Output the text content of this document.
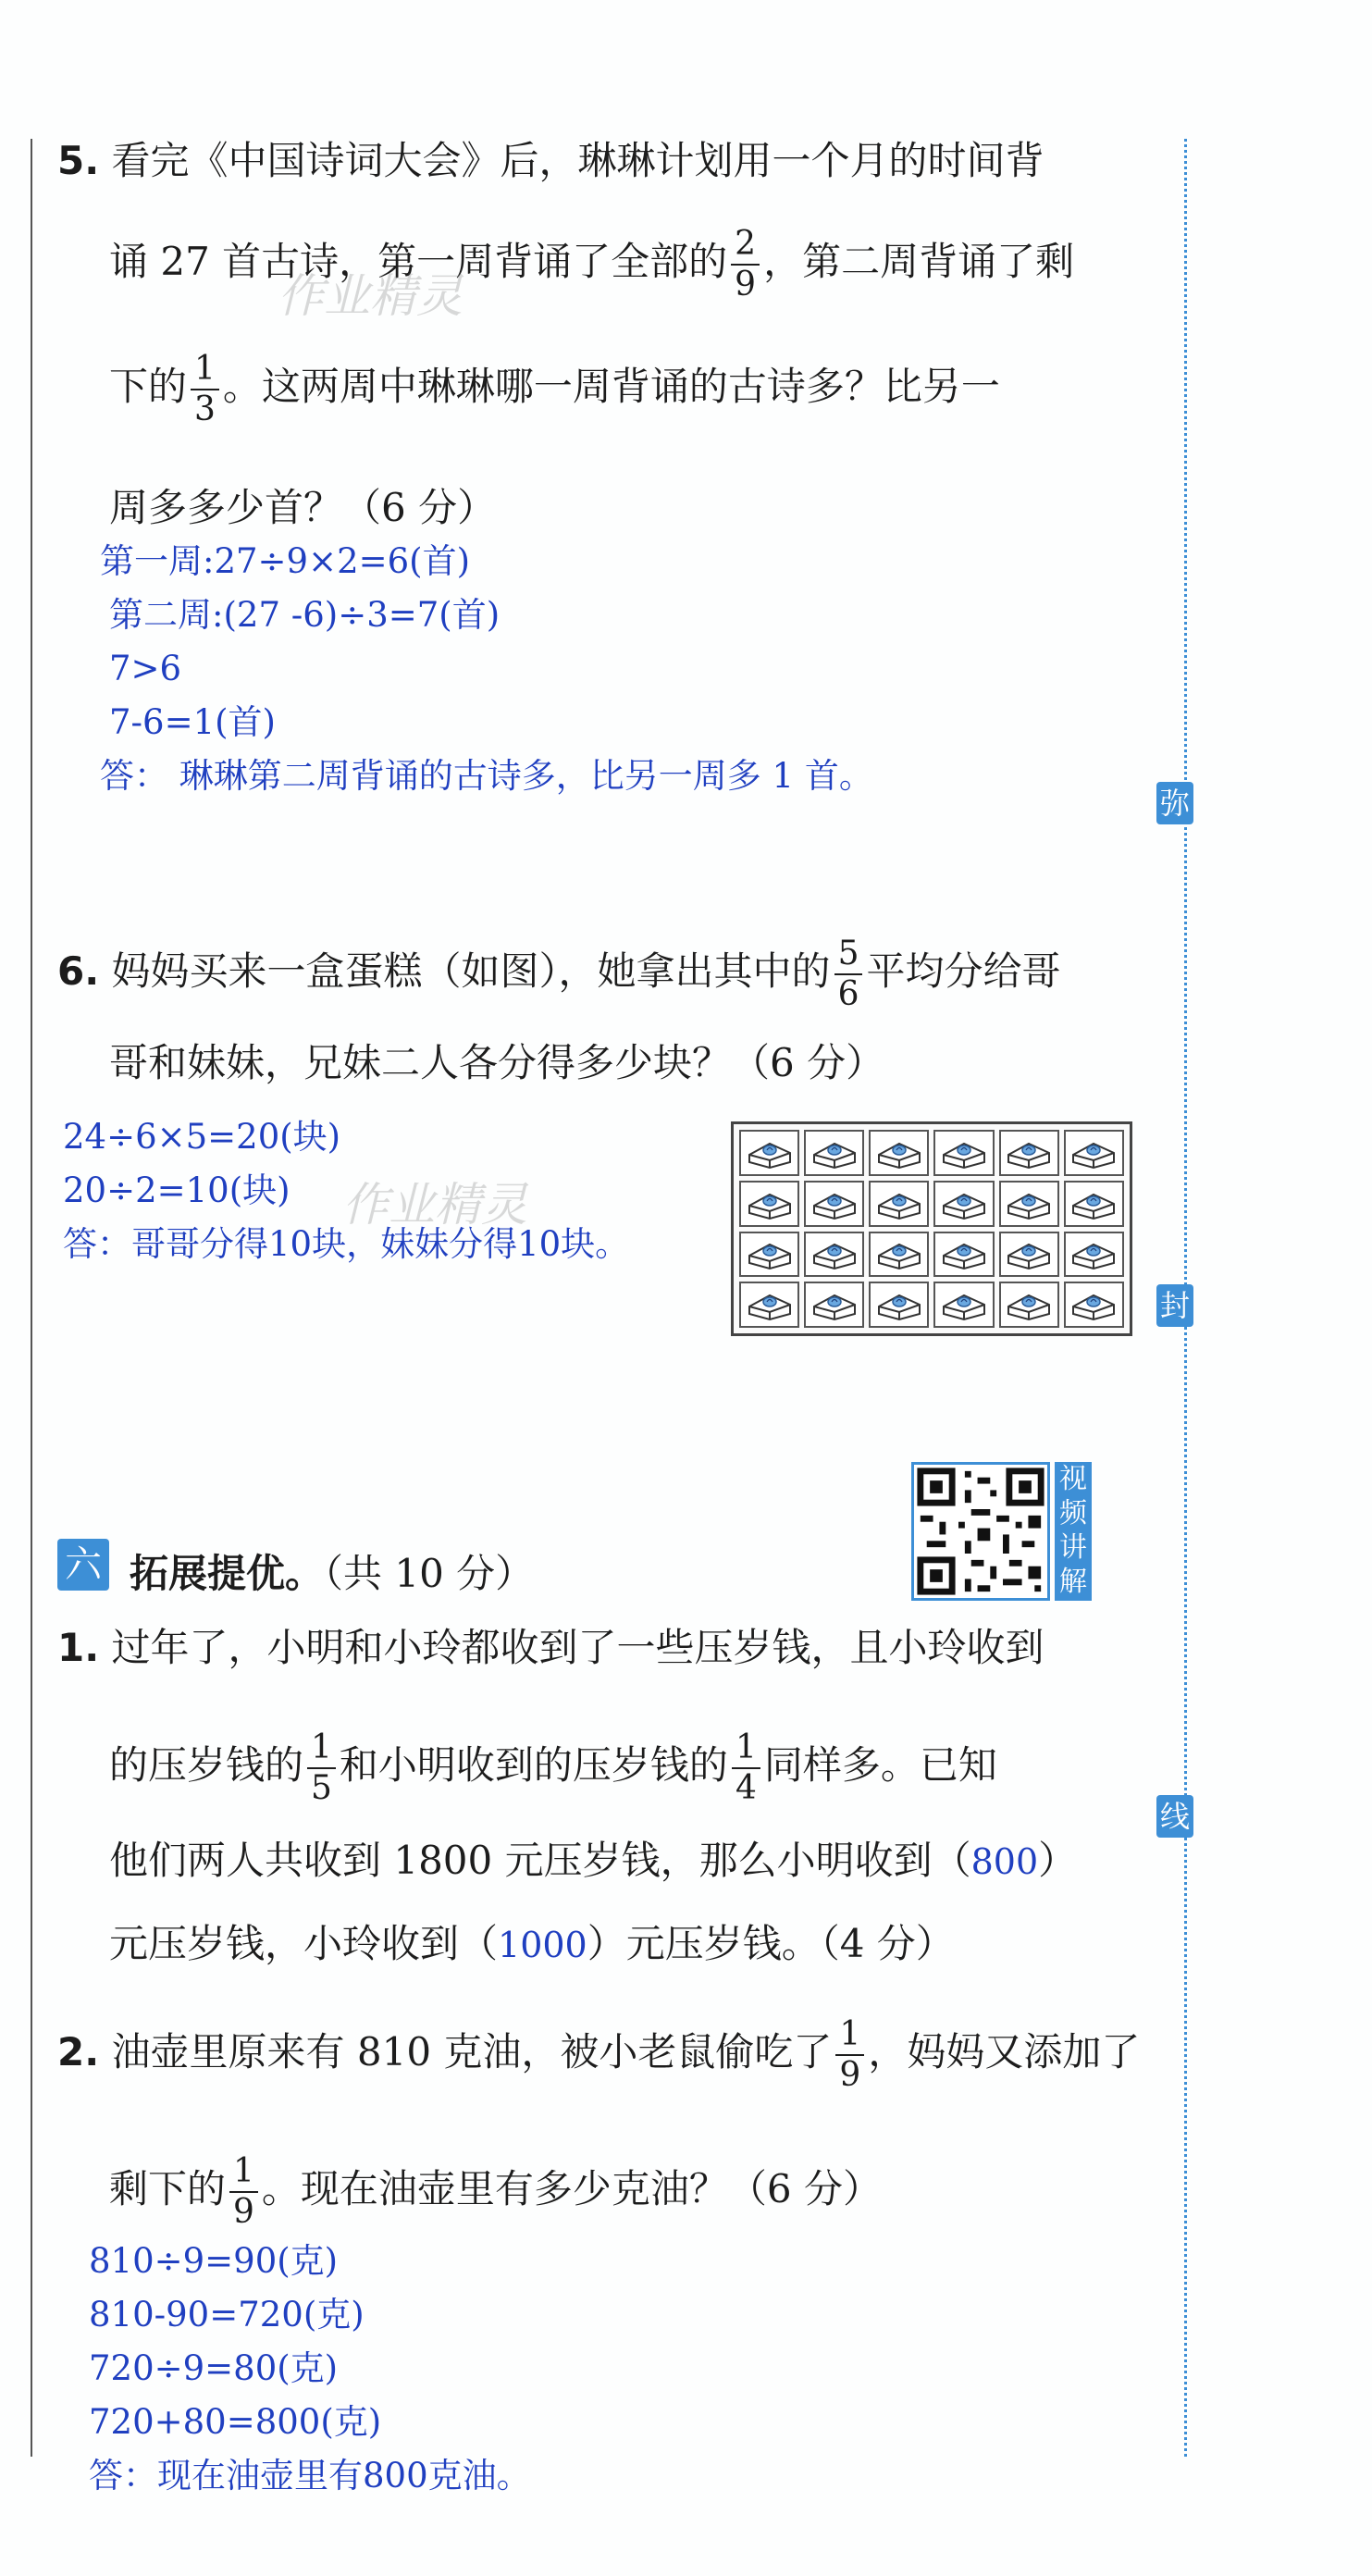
弥
封
线
5. 看完《中国诗词大会》后，琳琳计划用一个月的时间背
诵 27 首古诗，第一周背诵了全部的 $\frac{2}{9}$ ，第二周背诵了剩
作业精灵
下的 $\frac{1}{3}$ 。这两周中琳琳哪一周背诵的古诗多？比另一
周多多少首？（6 分）
第一周:27÷9×2=6(首)
第二周:(27 -6)÷3=7(首)
7>6
7-6=1(首)
答： 琳琳第二周背诵的古诗多，比另一周多 1 首。
6. 妈妈买来一盒蛋糕（如图），她拿出其中的 $\frac{5}{6}$ 平均分给哥
哥和妹妹，兄妹二人各分得多少块？（6 分）
24÷6×5=20(块)
20÷2=10(块)
答：哥哥分得10块，妹妹分得10块。
作业精灵
视
频
讲
解
六 拓展提优。（共 10 分）
1. 过年了，小明和小玲都收到了一些压岁钱，且小玲收到
的压岁钱的 $\frac{1}{5}$ 和小明收到的压岁钱的 $\frac{1}{4}$ 同样多。已知
他们两人共收到 1800 元压岁钱，那么小明收到（800）
元压岁钱，小玲收到（1000）元压岁钱。（4 分）
2. 油壶里原来有 810 克油，被小老鼠偷吃了 $\frac{1}{9}$ ，妈妈又添加了
剩下的 $\frac{1}{9}$ 。现在油壶里有多少克油？（6 分）
810÷9=90(克)
810-90=720(克)
720÷9=80(克)
720+80=800(克)
答：现在油壶里有800克油。
